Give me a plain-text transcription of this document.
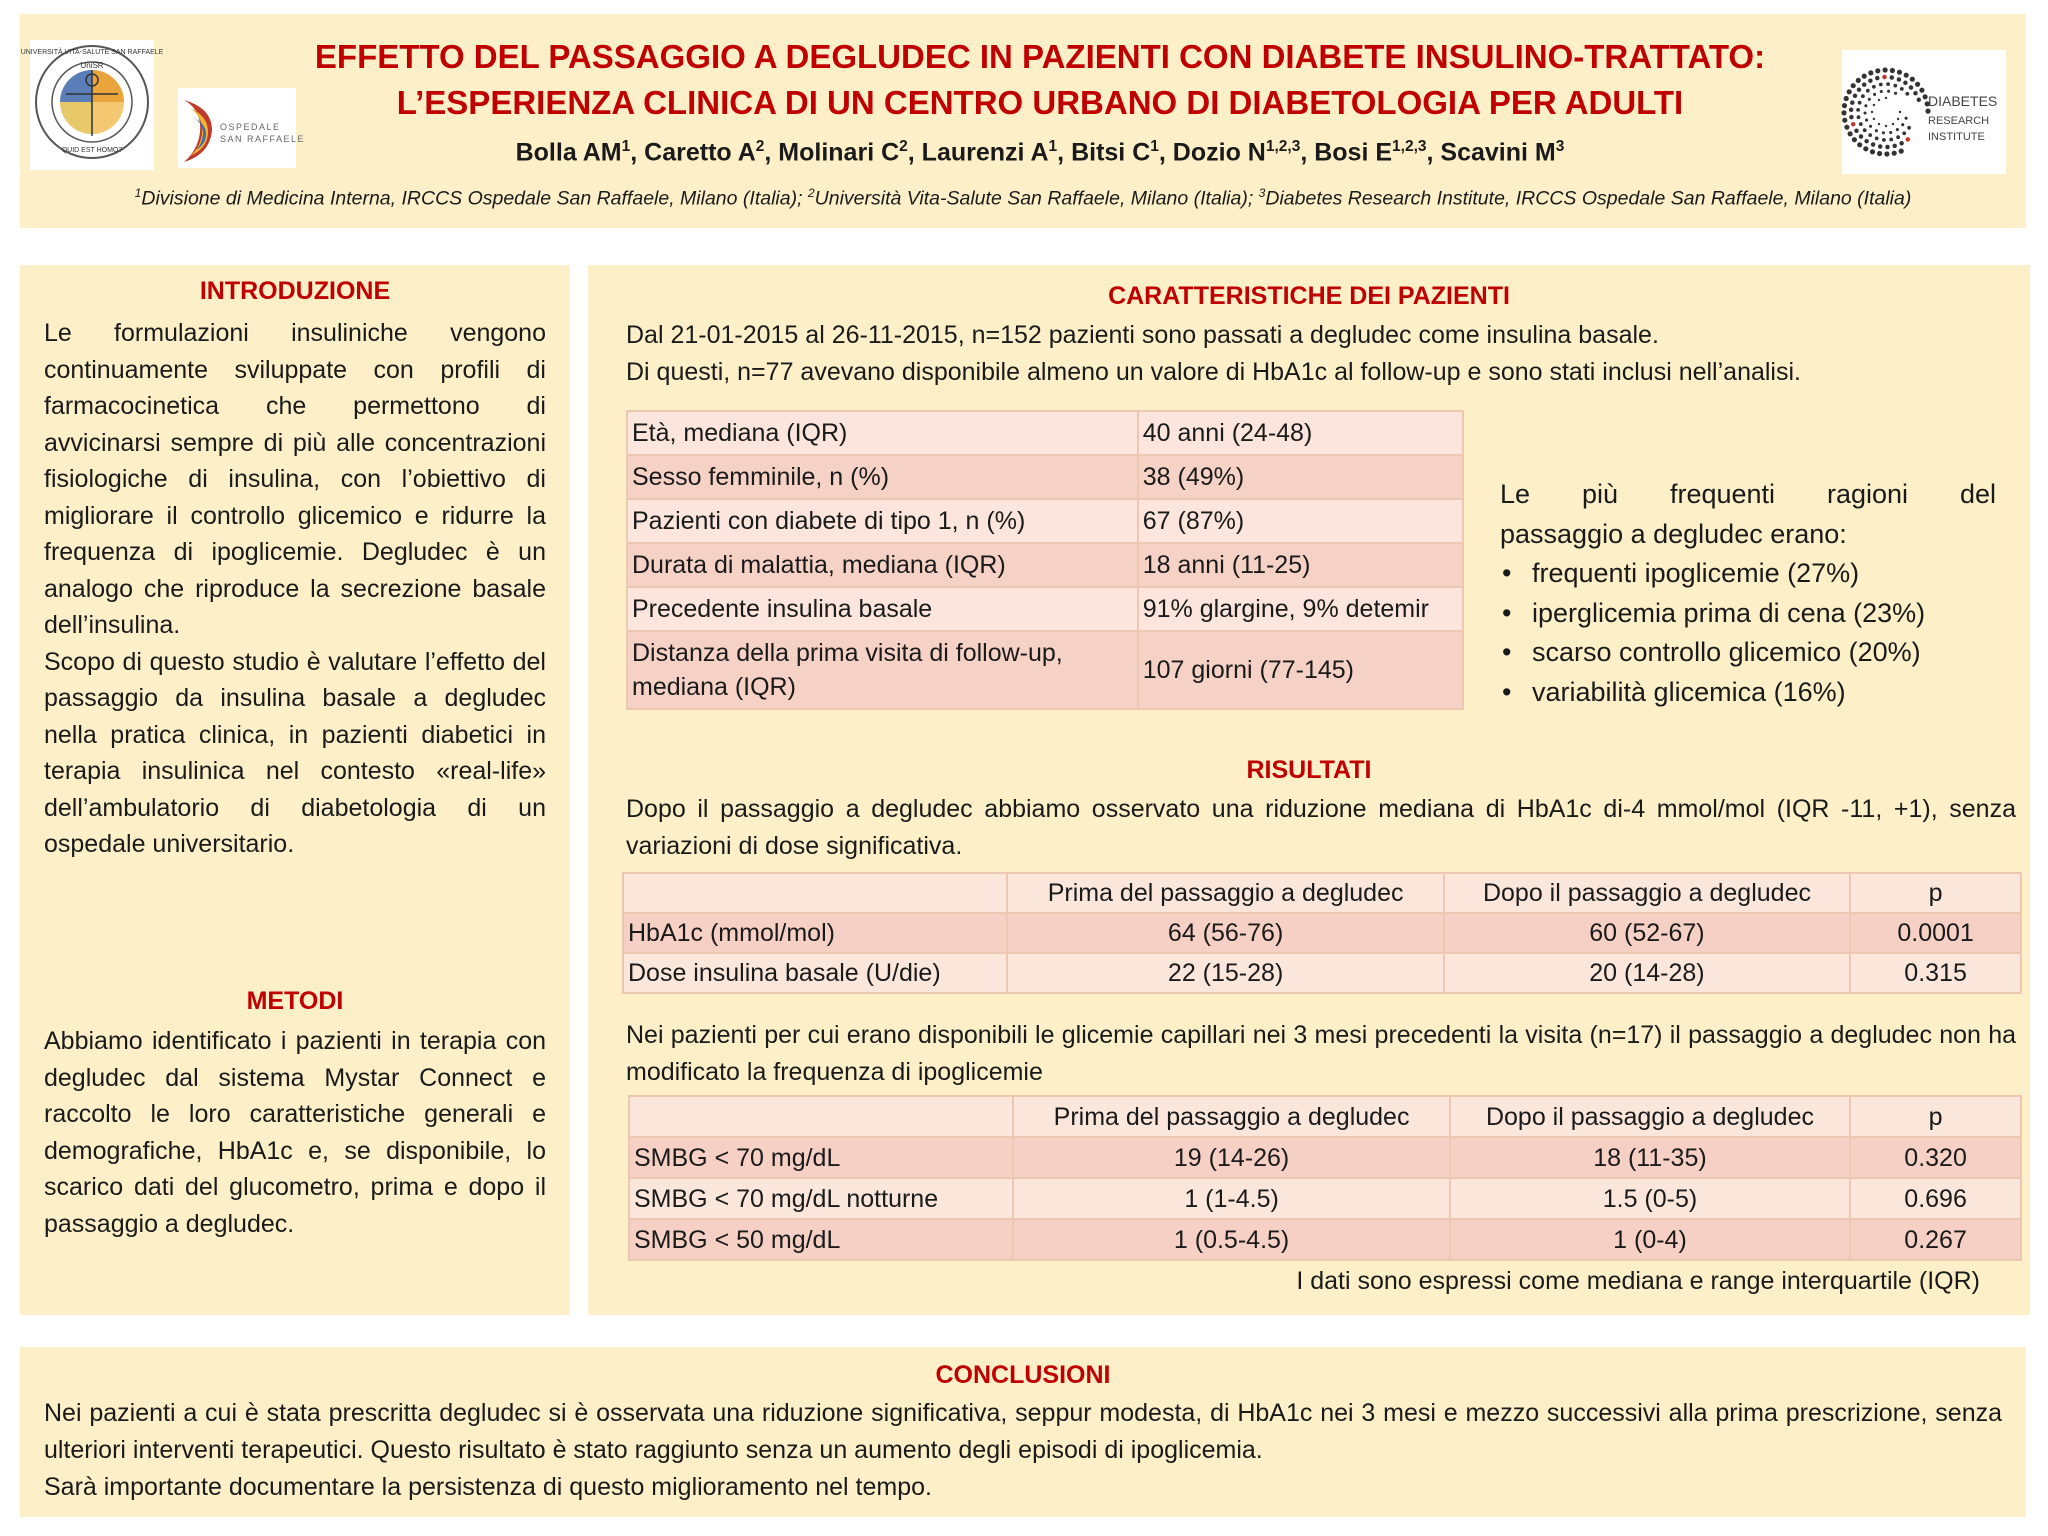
EFFETTO DEL PASSAGGIO A DEGLUDEC IN PAZIENTI CON DIABETE INSULINO-TRATTATO:
L’ESPERIENZA CLINICA DI UN CENTRO URBANO DI DIABETOLOGIA PER ADULTI
Bolla $AM^1$, Caretto $A^2$, Molinari $C^2$, Laurenzi $A^1$, Bitsi $C^1$, Dozio N$^{1,2,3}$, Bosi E$^{1,2,3}$, Scavini $M^3$
$^1$Divisione di Medicina Interna, IRCCS Ospedale San Raffaele, Milano (Italia); $^2$Università Vita-Salute San Raffaele, Milano (Italia); $^3$Diabetes Research Institute, IRCCS Ospedale San Raffaele, Milano (Italia)
UNIVERSITÀ VITA-SALUTE SAN RAFFAELE
UniSR
QUID EST HOMO?
OSPEDALE
SAN RAFFAELE
DIABETES
RESEARCH
INSTITUTE
INTRODUZIONE
Le formulazioni insuliniche vengono continuamente sviluppate con profili di farmacocinetica che permettono di avvicinarsi sempre di più alle concentrazioni fisiologiche di insulina, con l’obiettivo di migliorare il controllo glicemico e ridurre la frequenza di ipoglicemie. Degludec è un analogo che riproduce la secrezione basale dell’insulina.
Scopo di questo studio è valutare l’effetto del passaggio da insulina basale a degludec nella pratica clinica, in pazienti diabetici in terapia insulinica nel contesto «real-life» dell’ambulatorio di diabetologia di un ospedale universitario.
METODI
Abbiamo identificato i pazienti in terapia con degludec dal sistema Mystar Connect e raccolto le loro caratteristiche generali e demografiche, HbA1c e, se disponibile, lo scarico dati del glucometro, prima e dopo il passaggio a degludec.
CARATTERISTICHE DEI PAZIENTI
Dal 21-01-2015 al 26-11-2015, n=152 pazienti sono passati a degludec come insulina basale.
Di questi, n=77 avevano disponibile almeno un valore di HbA1c al follow-up e sono stati inclusi nell’analisi.
Età, mediana (IQR)	40 anni (24-48)
Sesso femminile, n (%)	38 (49%)
Pazienti con diabete di tipo 1, n (%)	67 (87%)
Durata di malattia, mediana (IQR)	18 anni (11-25)
Precedente insulina basale	91% glargine, 9% detemir
Distanza della prima visita di follow-up, mediana (IQR)	107 giorni (77-145)
Le più frequenti ragioni del
passaggio a degludec erano:
• frequenti ipoglicemie (27%)
• iperglicemia prima di cena (23%)
• scarso controllo glicemico (20%)
• variabilità glicemica (16%)
RISULTATI
Dopo il passaggio a degludec abbiamo osservato una riduzione mediana di HbA1c di-4 mmol/mol (IQR -11, +1), senza variazioni di dose significativa.
	Prima del passaggio a degludec	Dopo il passaggio a degludec	p
HbA1c (mmol/mol)	64 (56-76)	60 (52-67)	0.0001
Dose insulina basale (U/die)	22 (15-28)	20 (14-28)	0.315
Nei pazienti per cui erano disponibili le glicemie capillari nei 3 mesi precedenti la visita (n=17) il passaggio a degludec non ha modificato la frequenza di ipoglicemie
	Prima del passaggio a degludec	Dopo il passaggio a degludec	p
SMBG < 70 mg/dL	19 (14-26)	18 (11-35)	0.320
SMBG < 70 mg/dL notturne	1 (1-4.5)	1.5 (0-5)	0.696
SMBG < 50 mg/dL	1 (0.5-4.5)	1 (0-4)	0.267
I dati sono espressi come mediana e range interquartile (IQR)
CONCLUSIONI

Nei pazienti a cui è stata prescritta degludec si è osservata una riduzione significativa, seppur modesta, di HbA1c nei 3 mesi e mezzo successivi alla prima prescrizione, senza ulteriori interventi terapeutici. Questo risultato è stato raggiunto senza un aumento degli episodi di ipoglicemia.

Sarà importante documentare la persistenza di questo miglioramento nel tempo.
